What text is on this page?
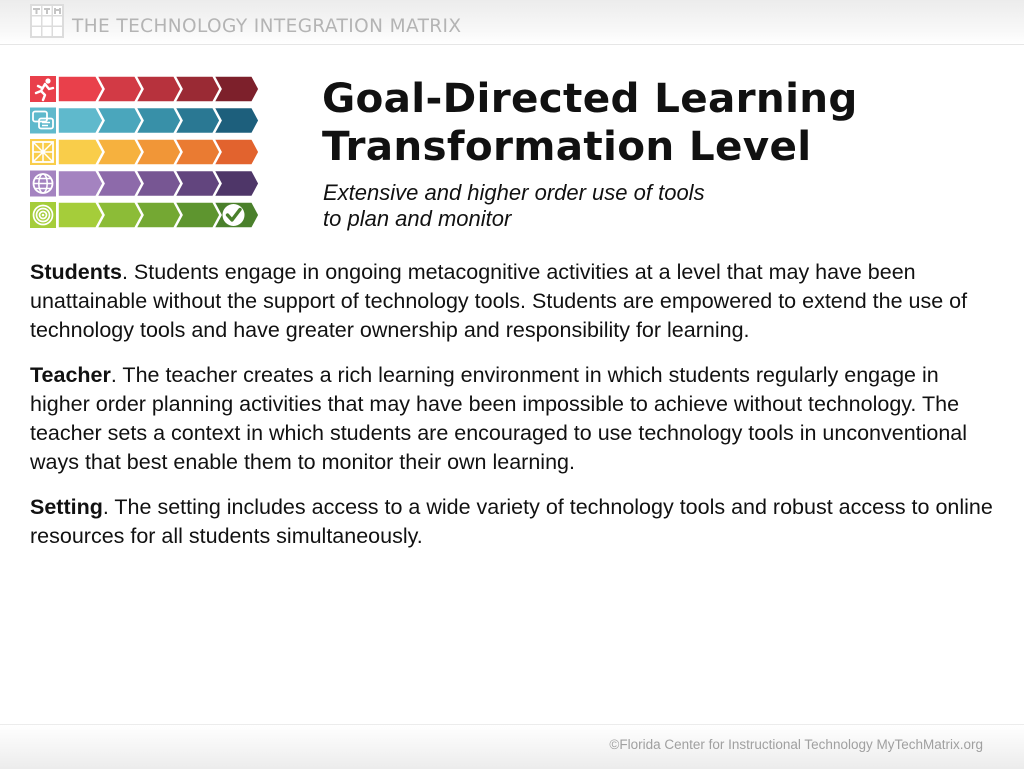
THE TECHNOLOGY INTEGRATION MATRIX
Goal-Directed Learning
Transformation Level

Extensive and higher order use of tools
to plan and monitor

Students. Students engage in ongoing metacognitive activities at a level that may have been unattainable without the support of technology tools. Students are empowered to extend the use of technology tools and have greater ownership and responsibility for learning.

Teacher. The teacher creates a rich learning environment in which students regularly engage in higher order planning activities that may have been impossible to achieve without technology. The teacher sets a context in which students are encouraged to use technology tools in unconventional ways that best enable them to monitor their own learning.

Setting. The setting includes access to a wide variety of technology tools and robust access to online resources for all students simultaneously.

©Florida Center for Instructional Technology MyTechMatrix.org
